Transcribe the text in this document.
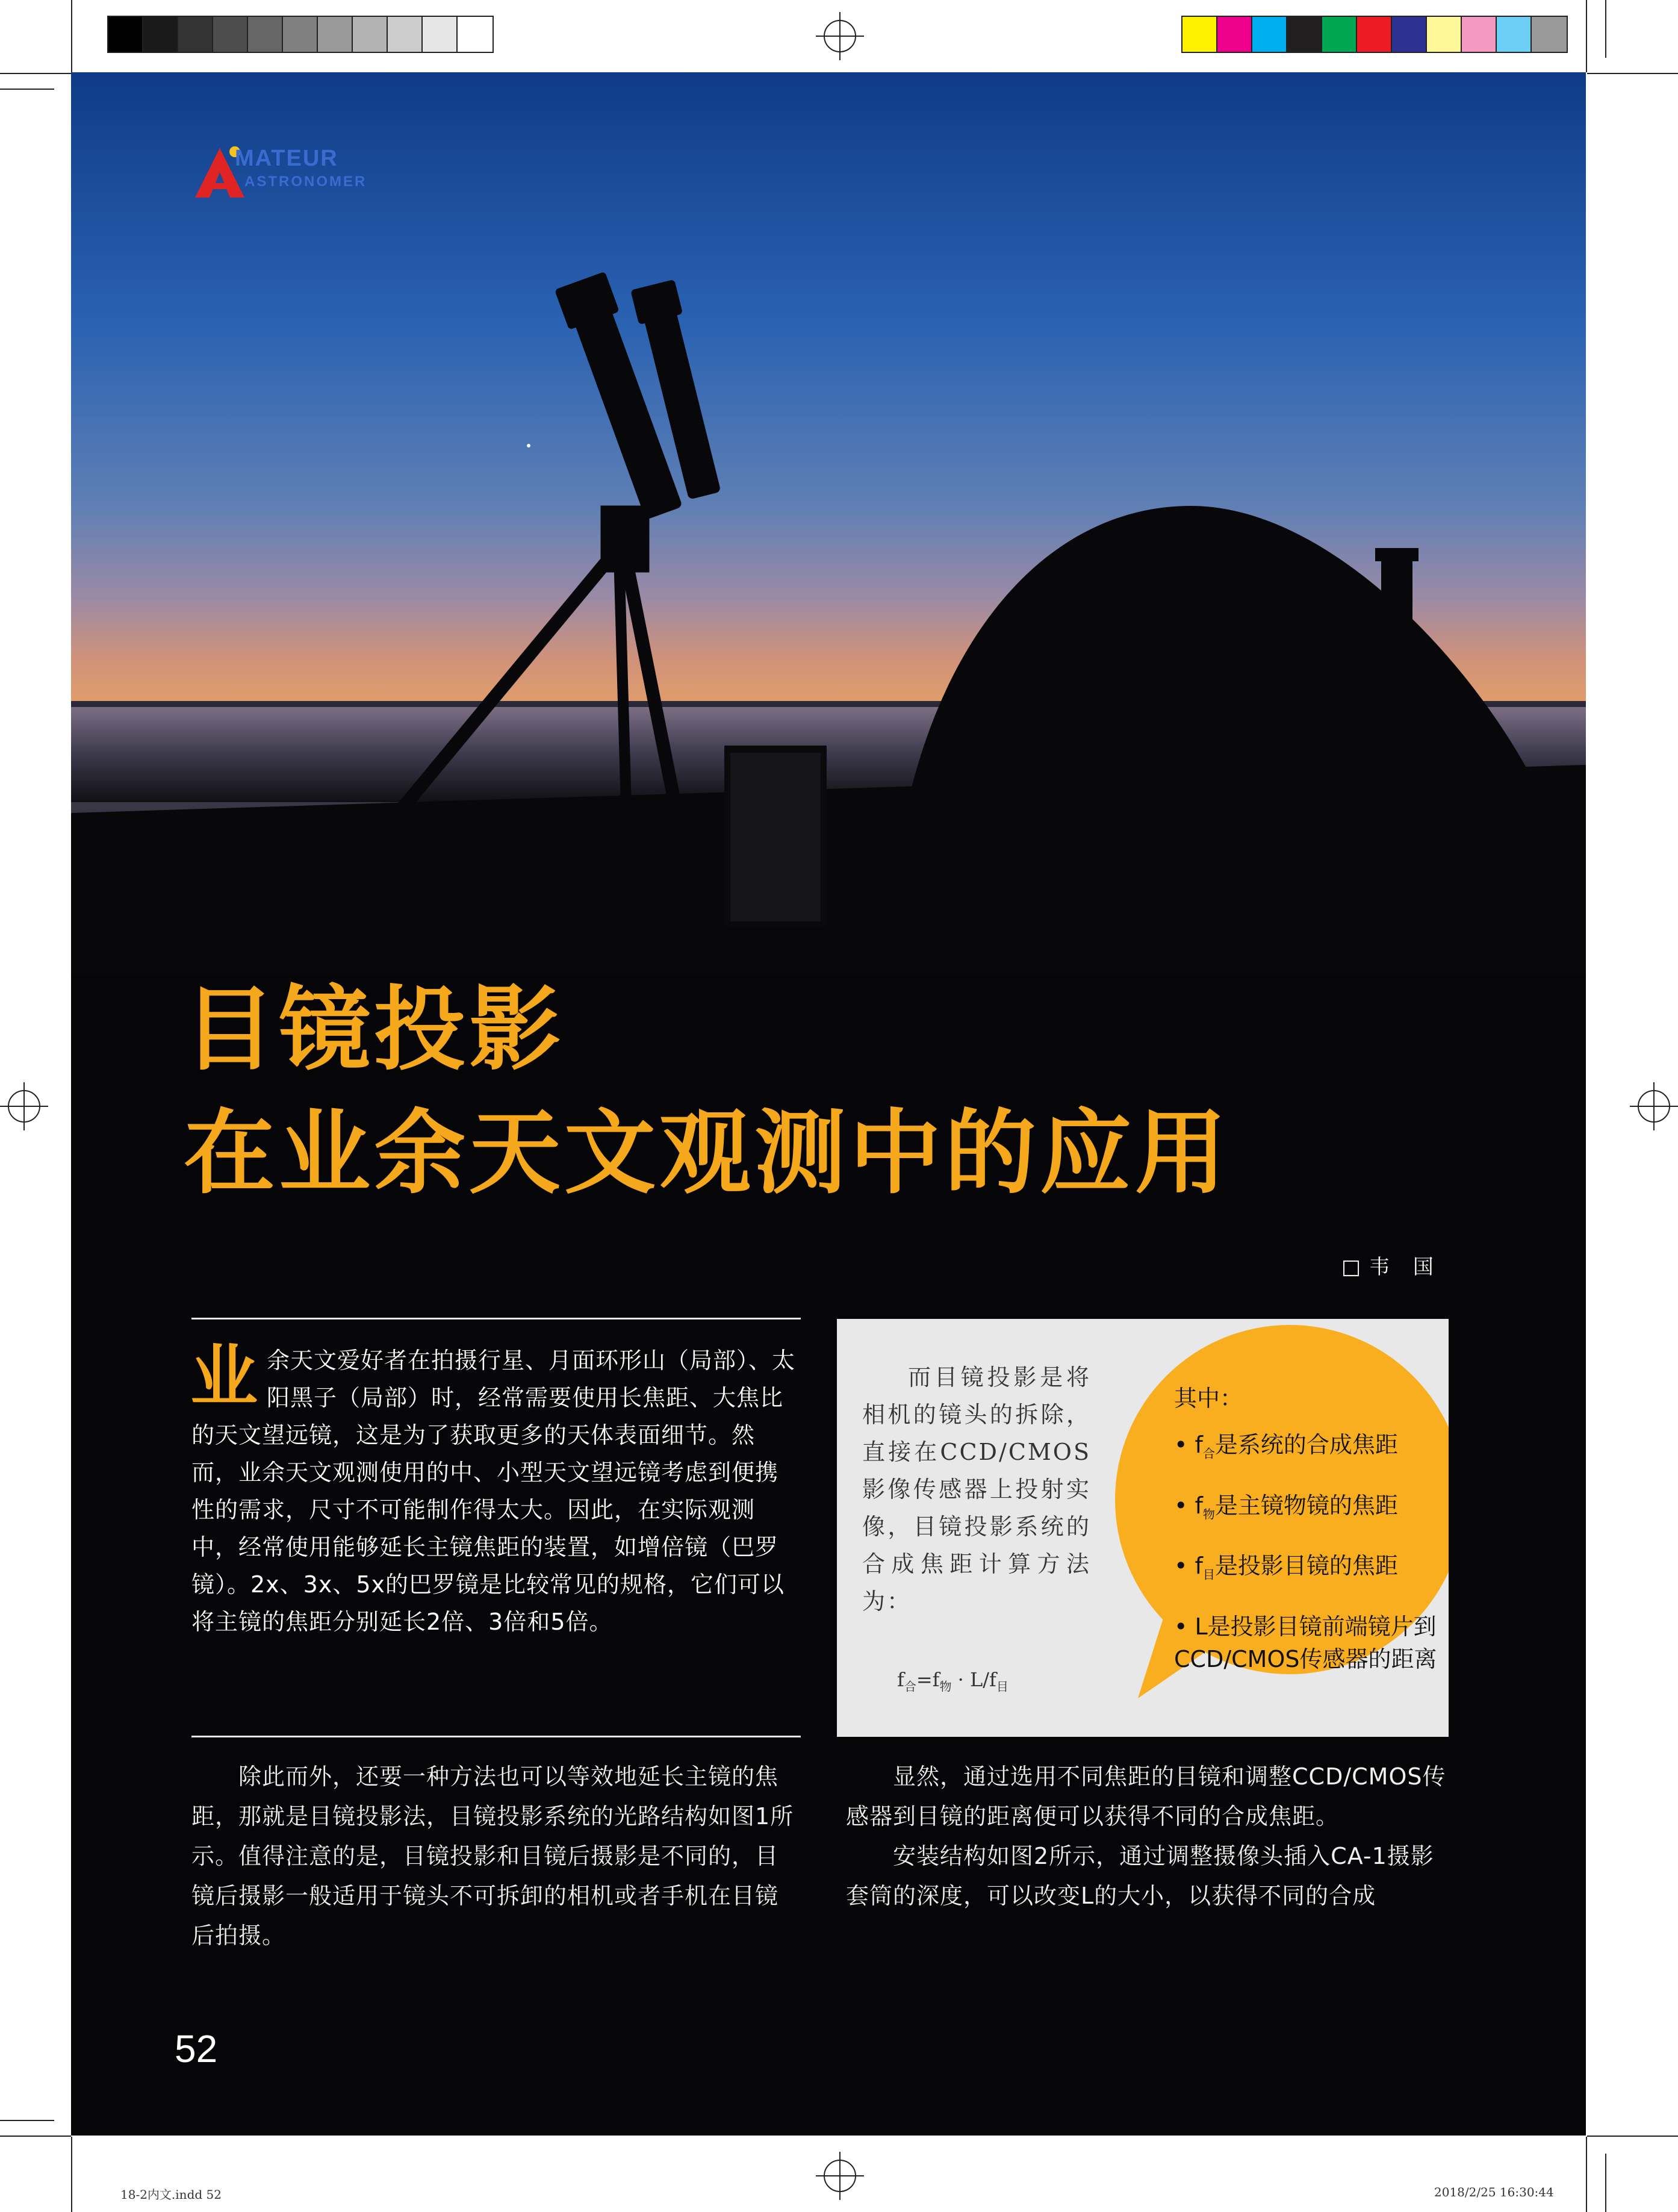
18-2内文.indd 52	2018/2/25 16:30:44
MATEUR
ASTRONOMER
目镜投影
在业余天文观测中的应用
□韦 国
业 余天文爱好者在拍摄行星、月面环形山（局部）、太阳黑子（局部）时，经常需要使用长焦距、大焦比的天文望远镜，这是为了获取更多的天体表面细节。然而，业余天文观测使用的中、小型天文望远镜考虑到便携性的需求，尺寸不可能制作得太大。因此，在实际观测中，经常使用能够延长主镜焦距的装置，如增倍镜（巴罗镜）。2x、3x、5x的巴罗镜是比较常见的规格，它们可以将主镜的焦距分别延长2倍、3倍和5倍。
而目镜投影是将相机的镜头的拆除，直接在CCD/CMOS影像传感器上投射实像，目镜投影系统的合成焦距计算方法为：
$f_合=f_物 \cdot L/f_目$
其中：
• $f_合$是系统的合成焦距
• $f_物$是主镜物镜的焦距
• $f_目$是投影目镜的焦距
• L是投影目镜前端镜片到CCD/CMOS传感器的距离
除此而外，还要一种方法也可以等效地延长主镜的焦距，那就是目镜投影法，目镜投影系统的光路结构如图1所示。值得注意的是，目镜投影和目镜后摄影是不同的，目镜后摄影一般适用于镜头不可拆卸的相机或者手机在目镜后拍摄。

显然，通过选用不同焦距的目镜和调整CCD/CMOS传感器到目镜的距离便可以获得不同的合成焦距。

安装结构如图2所示，通过调整摄像头插入CA-1摄影套筒的深度，可以改变L的大小，以获得不同的合成

52
